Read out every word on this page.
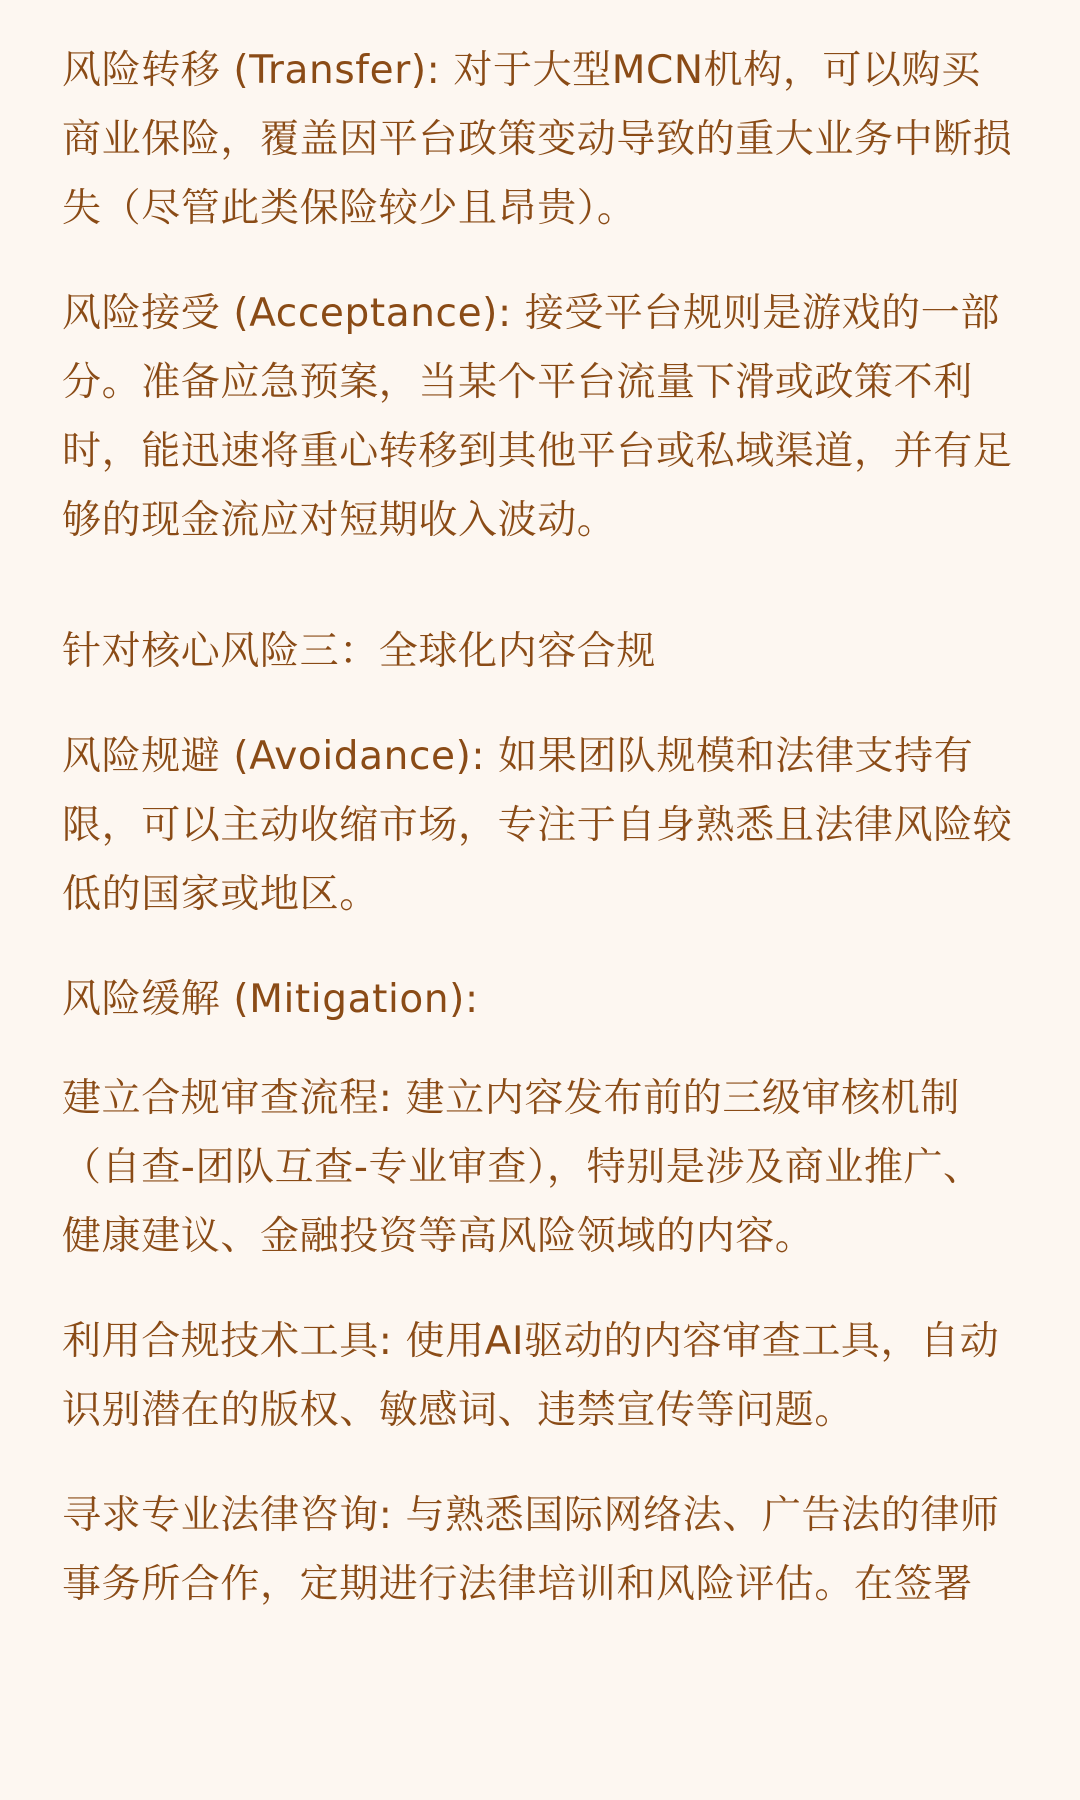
风险转移 (Transfer): 对于大型MCN机构，可以购买商业保险，覆盖因平台政策变动导致的重大业务中断损失（尽管此类保险较少且昂贵）。

风险接受 (Acceptance): 接受平台规则是游戏的一部分。准备应急预案，当某个平台流量下滑或政策不利时，能迅速将重心转移到其他平台或私域渠道，并有足够的现金流应对短期收入波动。

针对核心风险三：全球化内容合规

风险规避 (Avoidance): 如果团队规模和法律支持有限，可以主动收缩市场，专注于自身熟悉且法律风险较低的国家或地区。

风险缓解 (Mitigation):

建立合规审查流程: 建立内容发布前的三级审核机制（自查-团队互查-专业审查），特别是涉及商业推广、健康建议、金融投资等高风险领域的内容。

利用合规技术工具: 使用AI驱动的内容审查工具，自动识别潜在的版权、敏感词、违禁宣传等问题。

寻求专业法律咨询: 与熟悉国际网络法、广告法的律师事务所合作，定期进行法律培训和风险评估。在签署
